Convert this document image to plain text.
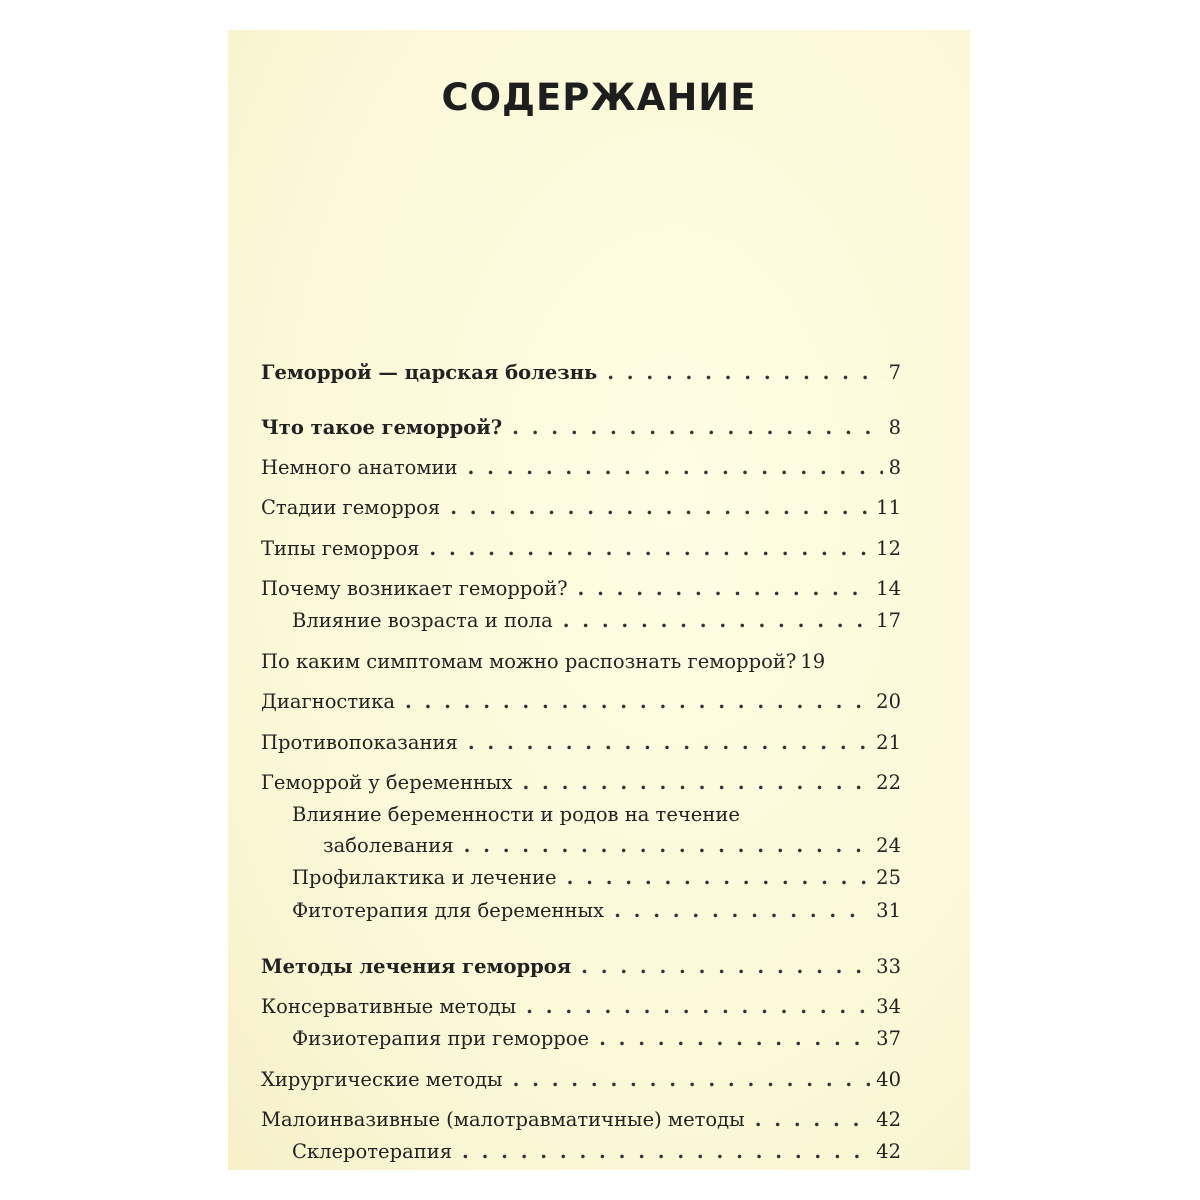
СОДЕРЖАНИЕ
Геморрой — царская болезнь . . .	7
Что такое геморрой? . . .	8
Немного анатомии . . .	8
Стадии геморроя . . .	11
Типы геморроя . . .	12
Почему возникает геморрой? . . .	14
Влияние возраста и пола . . .	17
По каким симптомам можно распознать геморрой? 19
Диагностика . . .	20
Противопоказания . . .	21
Геморрой у беременных . . .	22
Влияние беременности и родов на течение
заболевания . . .	24
Профилактика и лечение . . .	25
Фитотерапия для беременных . . .	31
Методы лечения геморроя . . .	33
Консервативные методы . . .	34
Физиотерапия при геморрое . . .	37
Хирургические методы . . .	40
Малоинвазивные (малотравматичные) методы . . .	42
Склеротерапия . . .	42
